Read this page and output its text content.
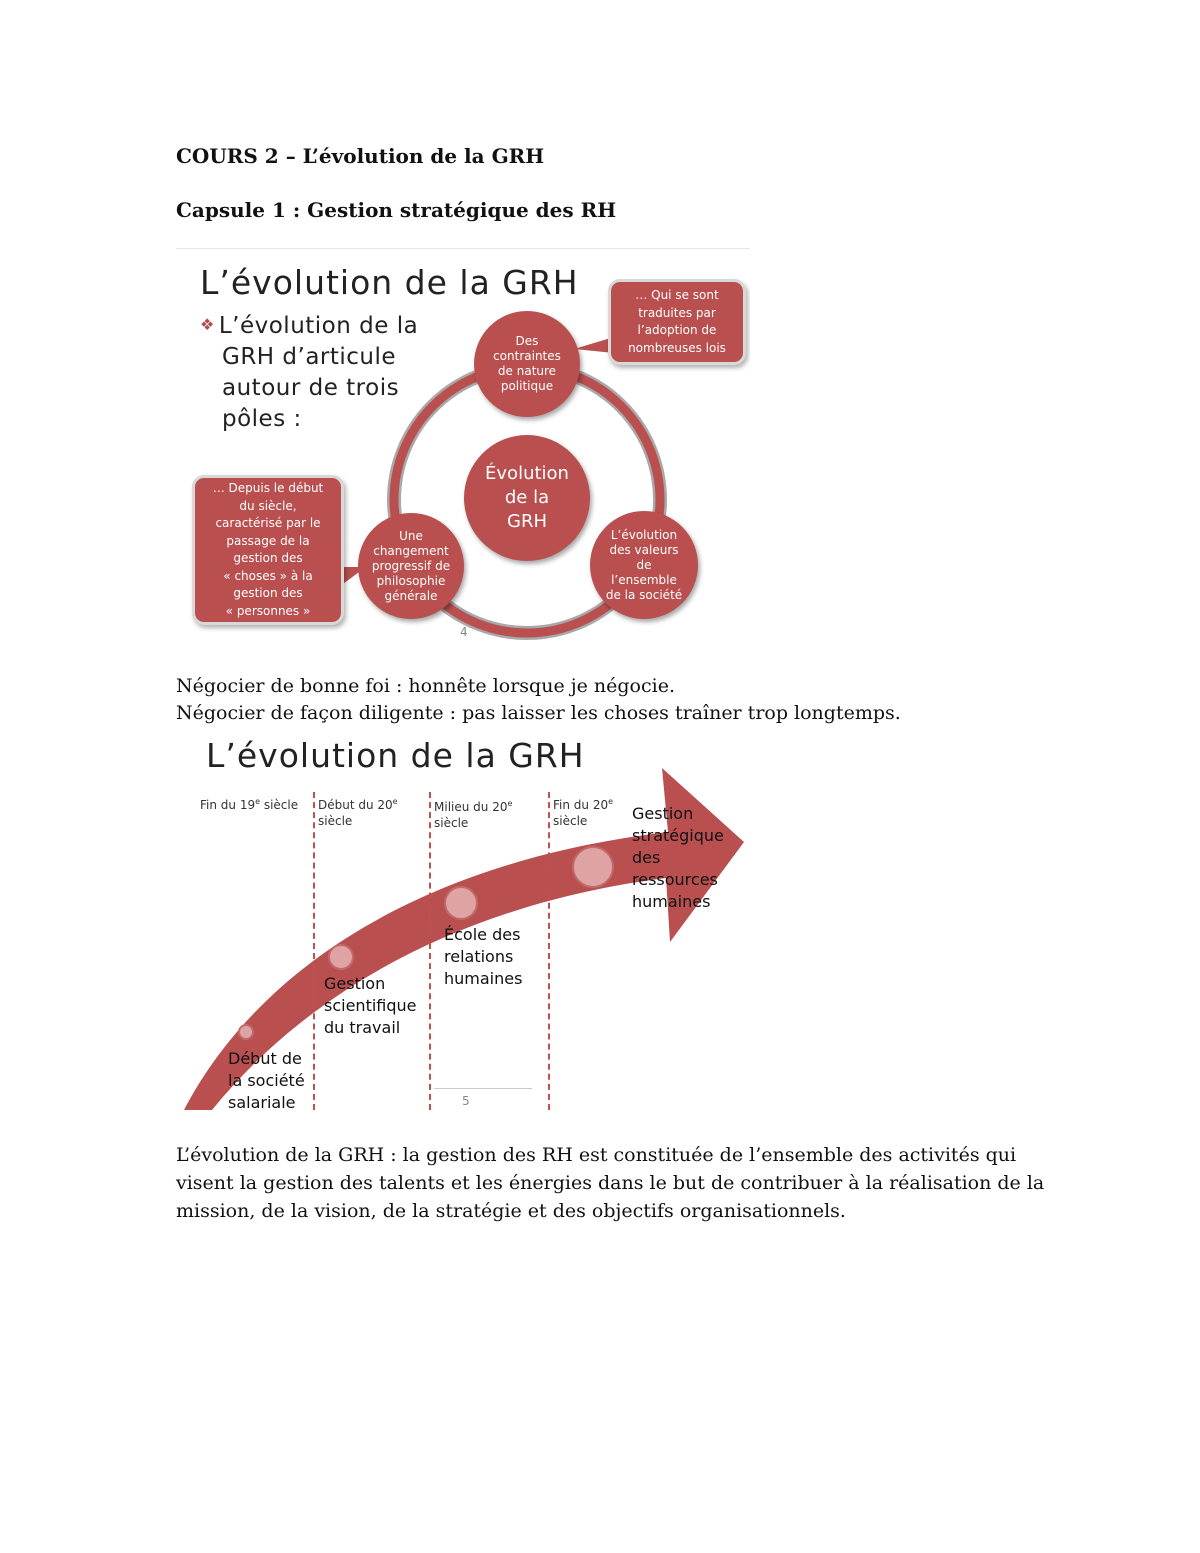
COURS 2 – L’évolution de la GRH
Capsule 1 : Gestion stratégique des RH
L’évolution de la GRH
❖ L’évolution de la
GRH d’articule
autour de trois
pôles :
Évolution
de la
GRH
Des
contraintes
de nature
politique
L’évolution
des valeurs
de
l’ensemble
de la société
Une
changement
progressif de
philosophie
générale
… Qui se sont
traduites par
l’adoption de
nombreuses lois
… Depuis le début
du siècle,
caractérisé par le
passage de la
gestion des
« choses » à la
gestion des
« personnes »
4
Négocier de bonne foi : honnête lorsque je négocie.
Négocier de façon diligente : pas laisser les choses traîner trop longtemps.
L’évolution de la GRH
5
Fin du 19e siècle Début du 20e
siècle
Milieu du 20e
siècle
Fin du 20e
siècle
Début de
la société
salariale
Gestion
scientifique
du travail
École des
relations
humaines
Gestion
stratégique
des
ressources
humaines
L’évolution de la GRH : la gestion des RH est constituée de l’ensemble des activités qui
visent la gestion des talents et les énergies dans le but de contribuer à la réalisation de la
mission, de la vision, de la stratégie et des objectifs organisationnels.
